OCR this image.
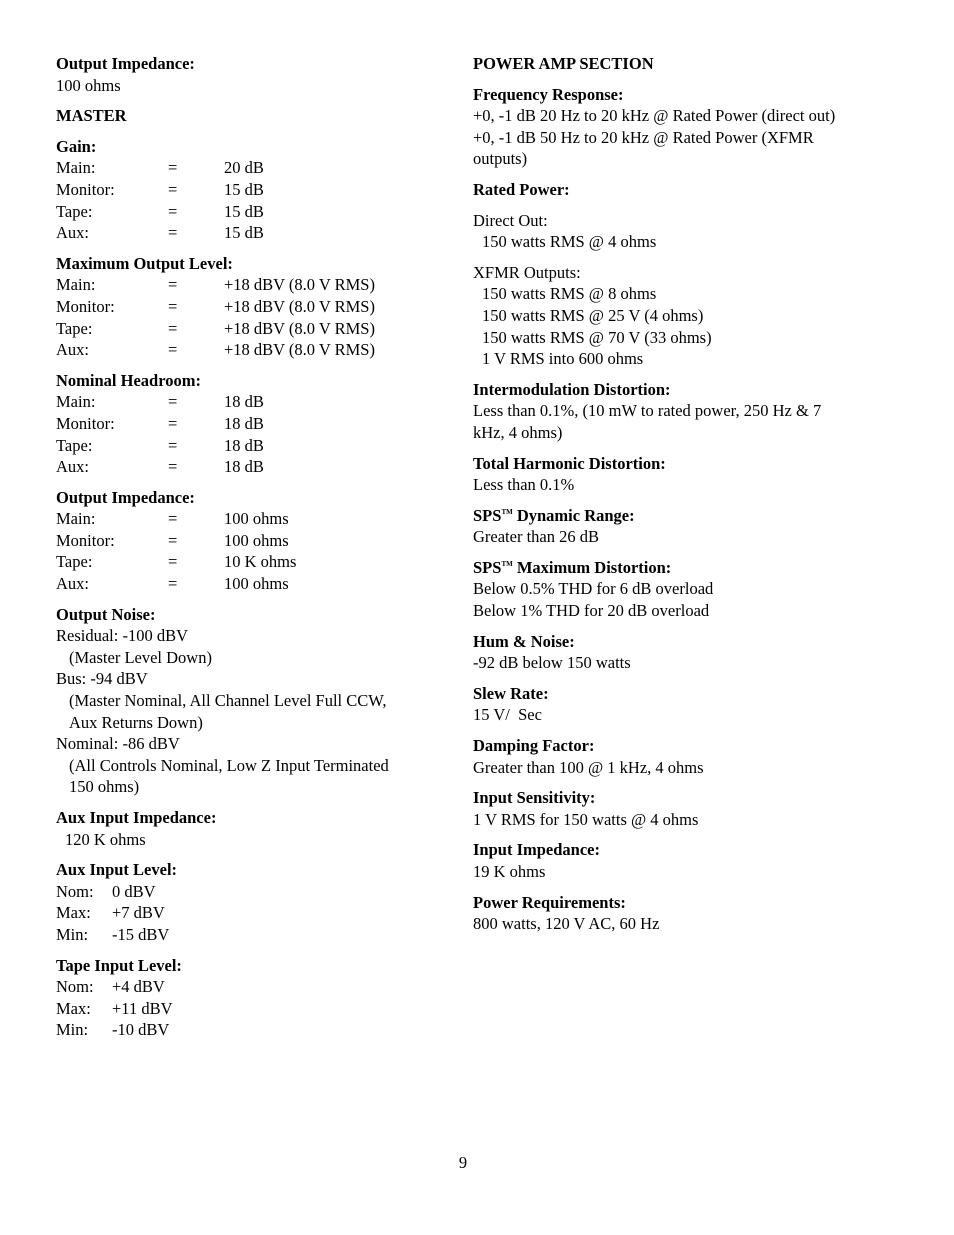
Output Impedance:
100 ohms
MASTER
Gain:
Main:	=	20 dB
Monitor:	=	15 dB
Tape:	=	15 dB
Aux:	=	15 dB
Maximum Output Level:
Main:	=	+18 dBV (8.0 V RMS)
Monitor:	=	+18 dBV (8.0 V RMS)
Tape:	=	+18 dBV (8.0 V RMS)
Aux:	=	+18 dBV (8.0 V RMS)
Nominal Headroom:
Main:	=	18 dB
Monitor:	=	18 dB
Tape:	=	18 dB
Aux:	=	18 dB
Output Impedance:
Main:	=	100 ohms
Monitor:	=	100 ohms
Tape:	=	10 K ohms
Aux:	=	100 ohms
Output Noise:
Residual: -100 dBV
(Master Level Down)
Bus: -94 dBV
(Master Nominal, All Channel Level Full CCW,
Aux Returns Down)
Nominal: -86 dBV
(All Controls Nominal, Low Z Input Terminated
150 ohms)
Aux Input Impedance:
120 K ohms
Aux Input Level:
Nom:	0 dBV
Max:	+7 dBV
Min:	-15 dBV
Tape Input Level:
Nom:	+4 dBV
Max:	+11 dBV
Min:	-10 dBV
POWER AMP SECTION
Frequency Response:
+0, -1 dB 20 Hz to 20 kHz @ Rated Power (direct out)
+0, -1 dB 50 Hz to 20 kHz @ Rated Power (XFMR
outputs)
Rated Power:
Direct Out:
150 watts RMS @ 4 ohms
XFMR Outputs:
150 watts RMS @ 8 ohms
150 watts RMS @ 25 V (4 ohms)
150 watts RMS @ 70 V (33 ohms)
1 V RMS into 600 ohms
Intermodulation Distortion:
Less than 0.1%, (10 mW to rated power, 250 Hz & 7
kHz, 4 ohms)
Total Harmonic Distortion:
Less than 0.1%
SPS™ Dynamic Range:
Greater than 26 dB
SPS™ Maximum Distortion:
Below 0.5% THD for 6 dB overload
Below 1% THD for 20 dB overload
Hum & Noise:
-92 dB below 150 watts
Slew Rate:
15 V/  Sec
Damping Factor:
Greater than 100 @ 1 kHz, 4 ohms
Input Sensitivity:
1 V RMS for 150 watts @ 4 ohms
Input Impedance:
19 K ohms
Power Requirements:
800 watts, 120 V AC, 60 Hz
9
